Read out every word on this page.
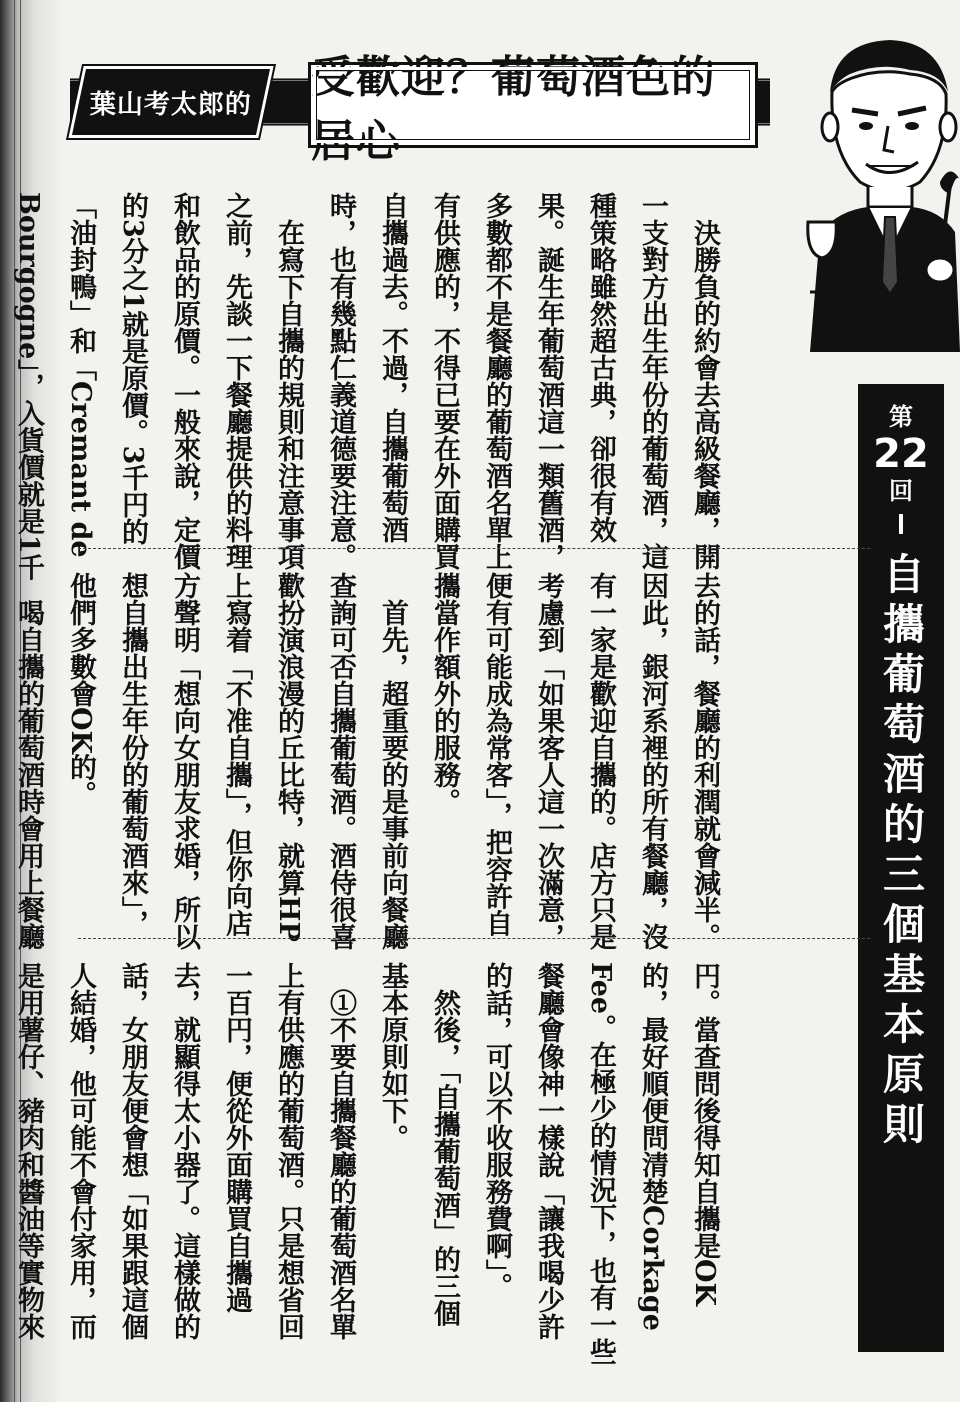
葉山考太郎的
受歡迎？葡萄酒色的居心
第
22
回
自攜葡萄酒的三個基本原則

　決勝負的約會去高級餐廳，開

一支對方出生年份的葡萄酒，這

種策略雖然超古典，卻很有效

果。誕生年葡萄酒這一類舊酒，

多數都不是餐廳的葡萄酒名單上

有供應的，不得已要在外面購買

自攜過去。不過，自攜葡萄酒

時，也有幾點仁義道德要注意。

　在寫下自攜的規則和注意事項

之前，先談一下餐廳提供的料理

和飲品的原價。一般來說，定價

的3分之1就是原價。3千円的

「油封鴨」和「Cremant de

Bourgogne」，入貨價就是1千

去的話，餐廳的利潤就會減半。

因此，銀河系裡的所有餐廳，沒

有一家是歡迎自攜的。店方只是

考慮到「如果客人這一次滿意，

便有可能成為常客」，把容許自

攜當作額外的服務。

　首先，超重要的是事前向餐廳

查詢可否自攜葡萄酒。酒侍很喜

歡扮演浪漫的丘比特，就算HP

上寫着「不准自攜」，但你向店

方聲明「想向女朋友求婚，所以

想自攜出生年份的葡萄酒來」，

他們多數會OK的。

　喝自攜的葡萄酒時會用上餐廳

円。當查問後得知自攜是OK

的，最好順便問清楚Corkage

Fee。在極少的情況下，也有一些

餐廳會像神一樣說「讓我喝少許

的話，可以不收服務費啊」。

　然後，「自攜葡萄酒」的三個

基本原則如下。

　①不要自攜餐廳的葡萄酒名單

上有供應的葡萄酒。只是想省回

一百円，便從外面購買自攜過

去，就顯得太小器了。這樣做的

話，女朋友便會想「如果跟這個

人結婚，他可能不會付家用，而

是用薯仔、豬肉和醬油等實物來
